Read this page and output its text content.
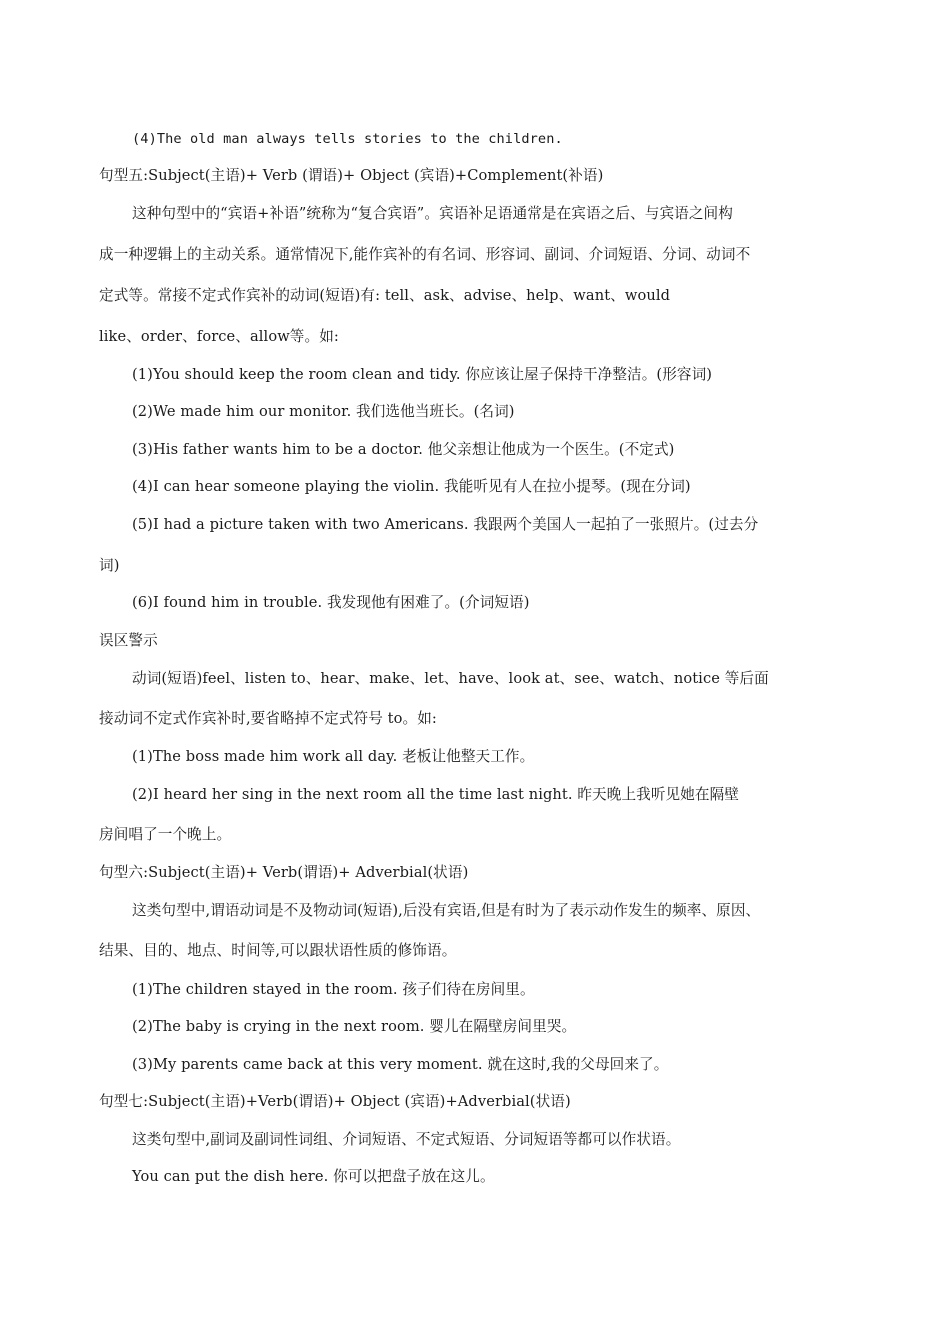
(4)The old man always tells stories to the children.
句型五:Subject(主语)+ Verb (谓语)+ Object (宾语)+Complement(补语)
这种句型中的“宾语+补语”统称为“复合宾语”。宾语补足语通常是在宾语之后、与宾语之间构
成一种逻辑上的主动关系。通常情况下,能作宾补的有名词、形容词、副词、介词短语、分词、动词不
定式等。常接不定式作宾补的动词(短语)有: tell、ask、advise、help、want、would
like、order、force、allow等。如:
(1)You should keep the room clean and tidy. 你应该让屋子保持干净整洁。(形容词)
(2)We made him our monitor. 我们选他当班长。(名词)
(3)His father wants him to be a doctor. 他父亲想让他成为一个医生。(不定式)
(4)I can hear someone playing the violin. 我能听见有人在拉小提琴。(现在分词)
(5)I had a picture taken with two Americans. 我跟两个美国人一起拍了一张照片。(过去分
词)
(6)I found him in trouble. 我发现他有困难了。(介词短语)
误区警示
动词(短语)feel、listen to、hear、make、let、have、look at、see、watch、notice 等后面
接动词不定式作宾补时,要省略掉不定式符号 to。如:
(1)The boss made him work all day. 老板让他整天工作。
(2)I heard her sing in the next room all the time last night. 昨天晚上我听见她在隔壁
房间唱了一个晚上。
句型六:Subject(主语)+ Verb(谓语)+ Adverbial(状语)
这类句型中,谓语动词是不及物动词(短语),后没有宾语,但是有时为了表示动作发生的频率、原因、
结果、目的、地点、时间等,可以跟状语性质的修饰语。
(1)The children stayed in the room. 孩子们待在房间里。
(2)The baby is crying in the next room. 婴儿在隔壁房间里哭。
(3)My parents came back at this very moment. 就在这时,我的父母回来了。
句型七:Subject(主语)+Verb(谓语)+ Object (宾语)+Adverbial(状语)
这类句型中,副词及副词性词组、介词短语、不定式短语、分词短语等都可以作状语。
You can put the dish here. 你可以把盘子放在这儿。
